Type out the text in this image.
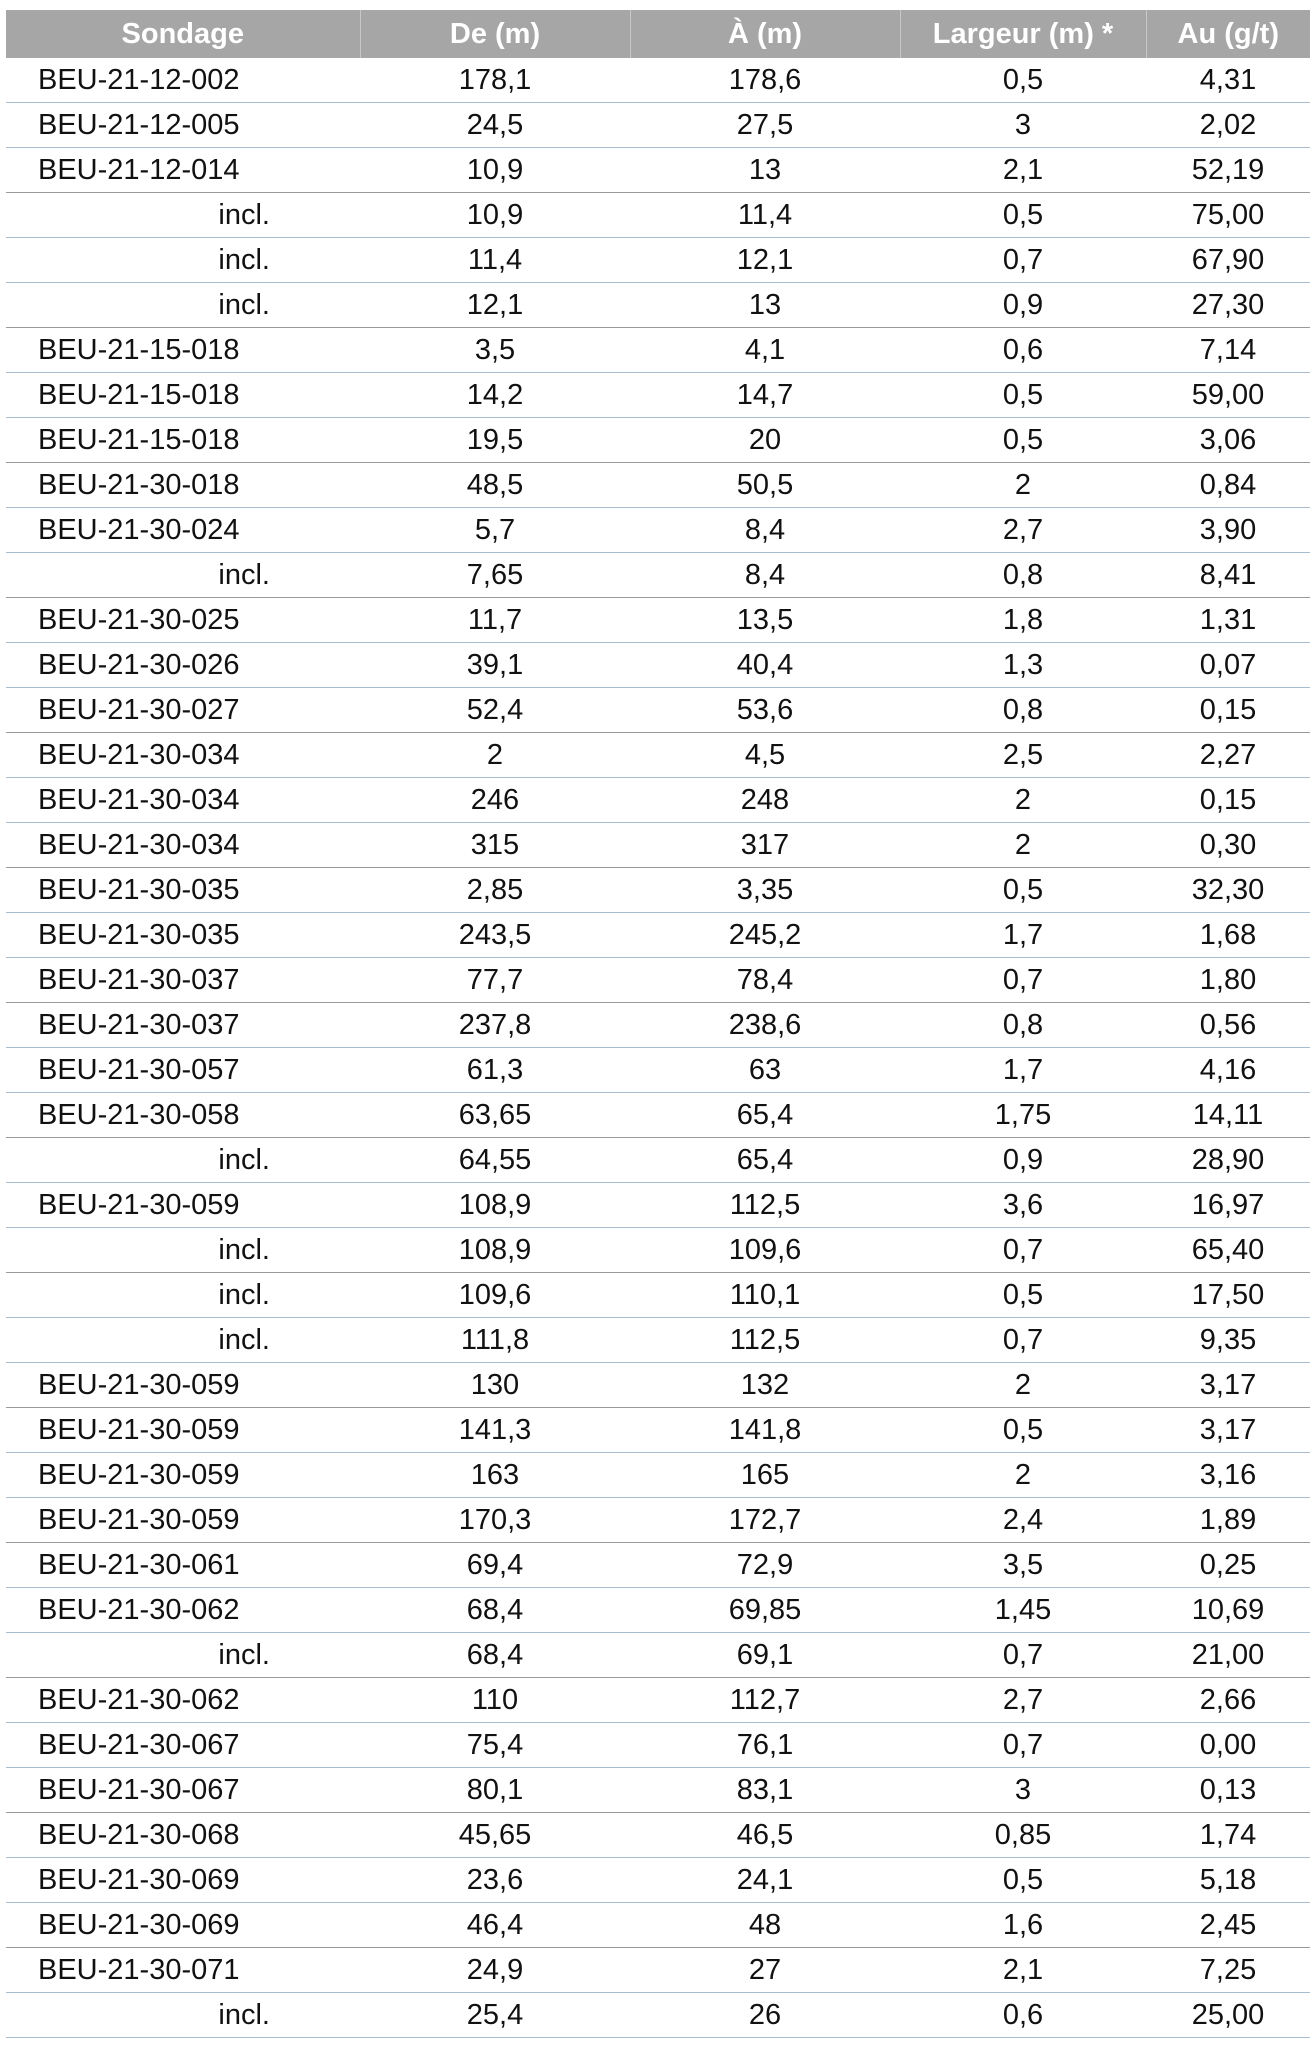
Sondage	De (m)	À (m)	Largeur (m) *	Au (g/t)
BEU-21-12-002	178,1	178,6	0,5	4,31
BEU-21-12-005	24,5	27,5	3	2,02
BEU-21-12-014	10,9	13	2,1	52,19
incl.	10,9	11,4	0,5	75,00
incl.	11,4	12,1	0,7	67,90
incl.	12,1	13	0,9	27,30
BEU-21-15-018	3,5	4,1	0,6	7,14
BEU-21-15-018	14,2	14,7	0,5	59,00
BEU-21-15-018	19,5	20	0,5	3,06
BEU-21-30-018	48,5	50,5	2	0,84
BEU-21-30-024	5,7	8,4	2,7	3,90
incl.	7,65	8,4	0,8	8,41
BEU-21-30-025	11,7	13,5	1,8	1,31
BEU-21-30-026	39,1	40,4	1,3	0,07
BEU-21-30-027	52,4	53,6	0,8	0,15
BEU-21-30-034	2	4,5	2,5	2,27
BEU-21-30-034	246	248	2	0,15
BEU-21-30-034	315	317	2	0,30
BEU-21-30-035	2,85	3,35	0,5	32,30
BEU-21-30-035	243,5	245,2	1,7	1,68
BEU-21-30-037	77,7	78,4	0,7	1,80
BEU-21-30-037	237,8	238,6	0,8	0,56
BEU-21-30-057	61,3	63	1,7	4,16
BEU-21-30-058	63,65	65,4	1,75	14,11
incl.	64,55	65,4	0,9	28,90
BEU-21-30-059	108,9	112,5	3,6	16,97
incl.	108,9	109,6	0,7	65,40
incl.	109,6	110,1	0,5	17,50
incl.	111,8	112,5	0,7	9,35
BEU-21-30-059	130	132	2	3,17
BEU-21-30-059	141,3	141,8	0,5	3,17
BEU-21-30-059	163	165	2	3,16
BEU-21-30-059	170,3	172,7	2,4	1,89
BEU-21-30-061	69,4	72,9	3,5	0,25
BEU-21-30-062	68,4	69,85	1,45	10,69
incl.	68,4	69,1	0,7	21,00
BEU-21-30-062	110	112,7	2,7	2,66
BEU-21-30-067	75,4	76,1	0,7	0,00
BEU-21-30-067	80,1	83,1	3	0,13
BEU-21-30-068	45,65	46,5	0,85	1,74
BEU-21-30-069	23,6	24,1	0,5	5,18
BEU-21-30-069	46,4	48	1,6	2,45
BEU-21-30-071	24,9	27	2,1	7,25
incl.	25,4	26	0,6	25,00
